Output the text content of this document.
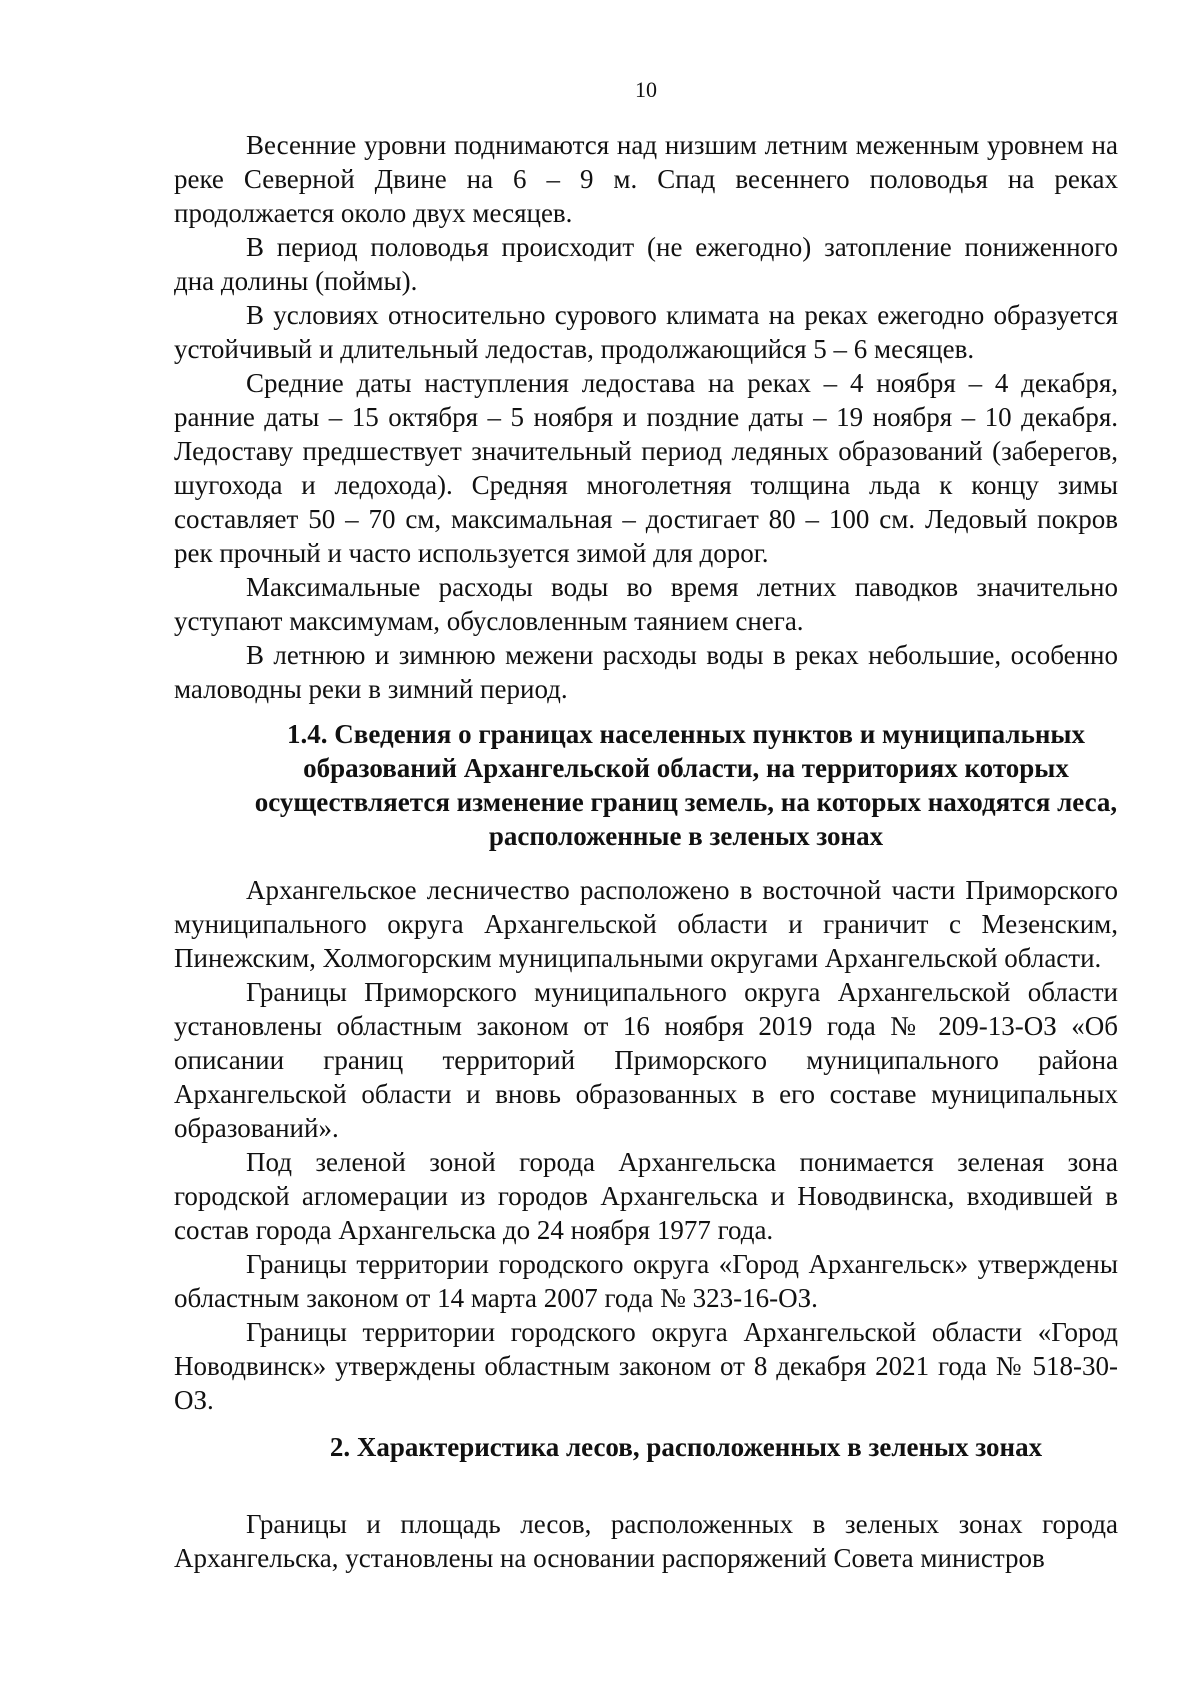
10

Весенние уровни поднимаются над низшим летним меженным уровнем на реке Северной Двине на 6 – 9 м. Спад весеннего половодья на реках продолжается около двух месяцев.

В период половодья происходит (не ежегодно) затопление пониженного дна долины (поймы).

В условиях относительно сурового климата на реках ежегодно образуется устойчивый и длительный ледостав, продолжающийся 5 – 6 месяцев.

Средние даты наступления ледостава на реках – 4 ноября – 4 декабря, ранние даты – 15 октября – 5 ноября и поздние даты – 19 ноября – 10 декабря. Ледоставу предшествует значительный период ледяных образований (заберегов, шугохода и ледохода). Средняя многолетняя толщина льда к концу зимы составляет 50 – 70 см, максимальная – достигает 80 – 100 см. Ледовый покров рек прочный и часто используется зимой для дорог.

Максимальные расходы воды во время летних паводков значительно уступают максимумам, обусловленным таянием снега.

В летнюю и зимнюю межени расходы воды в реках небольшие, особенно маловодны реки в зимний период.

1.4. Сведения о границах населенных пунктов и муниципальных образований Архангельской области, на территориях которых осуществляется изменение границ земель, на которых находятся леса, расположенные в зеленых зонах

Архангельское лесничество расположено в восточной части Приморского муниципального округа Архангельской области и граничит с Мезенским, Пинежским, Холмогорским муниципальными округами Архангельской области.

Границы Приморского муниципального округа Архангельской области установлены областным законом от 16 ноября 2019 года № 209-13-ОЗ «Об описании границ территорий Приморского муниципального района Архангельской области и вновь образованных в его составе муниципальных образований».

Под зеленой зоной города Архангельска понимается зеленая зона городской агломерации из городов Архангельска и Новодвинска, входившей в состав города Архангельска до 24 ноября 1977 года.

Границы территории городского округа «Город Архангельск» утверждены областным законом от 14 марта 2007 года № 323-16-ОЗ.

Границы территории городского округа Архангельской области «Город Новодвинск» утверждены областным законом от 8 декабря 2021 года № 518-30-ОЗ.

2. Характеристика лесов, расположенных в зеленых зонах

Границы и площадь лесов, расположенных в зеленых зонах города Архангельска, установлены на основании распоряжений Совета министров
